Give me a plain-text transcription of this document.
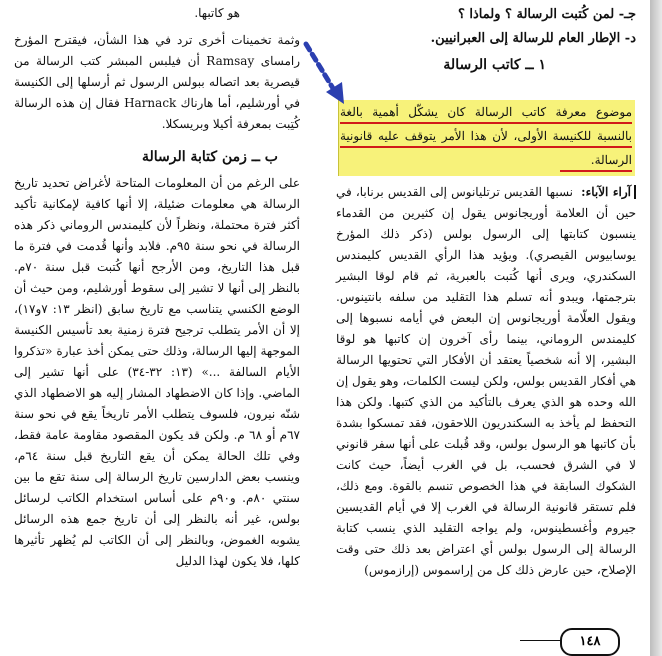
هو كاتبها.

وثمة تخمينات أخرى ترد في هذا الشأن، فيقترح المؤرخ رامساى Ramsay أن فيلبس المبشر كتب الرسالة من قيصرية بعد اتصاله ببولس الرسول ثم أرسلها إلى الكنيسة في أورشليم، أما هارناك Harnack فقال إن هذه الرسالة كُتِبت بمعرفة أكيلا وبريسكلا.

ب ــ زمن كتابة الرسالة

على الرغم من أن المعلومات المتاحة لأغراض تحديد تاريخ الرسالة هي معلومات ضئيلة، إلا أنها كافية لإمكانية تأكيد أكثر فترة محتملة، ونظراً لأن كليمندس الروماني ذكر هذه الرسالة في نحو سنة ٩٥م. فلابد وأنها قُدمت في فترة ما قبل هذا التاريخ، ومن الأرجح أنها كُتبت قبل سنة ٧٠م. بالنظر إلى أنها لا تشير إلى سقوط أورشليم، ومن حيث أن الوضع الكنسي يتناسب مع تاريخ سابق (انظر ١٣: ٧و١٧)، إلا أن الأمر يتطلب ترجيح فترة زمنية بعد تأسيس الكنيسة الموجهة إليها الرسالة، وذلك حتى يمكن أخذ عبارة «تذكروا الأيام السالفة ...» (١٣: ٣٢-٣٤) على أنها تشير إلى الماضي. وإذا كان الاضطهاد المشار إليه هو الاضطهاد الذي شنّه نيرون، فلسوف يتطلب الأمر تاريخاً يقع في نحو سنة ٦٧م أو ٦٨ م. ولكن قد يكون المقصود مقاومة عامة فقط، وفي تلك الحالة يمكن أن يقع التاريخ قبل سنة ٦٤م، وينسب بعض الدارسين تاريخ الرسالة إلى سنة تقع ما بين سنتي ٨٠م. و٩٠م على أساس استخدام الكاتب لرسائل بولس، غير أنه بالنظر إلى أن تاريخ جمع هذه الرسائل يشوبه الغموض، وبالنظر إلى أن الكاتب لم يُظهر تأثيرها كلها، فلا يكون لهذا الدليل

جـ- لمن كُتبت الرسالة ؟ ولماذا ؟
د- الإطار العام للرسالة إلى العبرانيين.
١ ــ كاتب الرسالة
موضوع معرفة كاتب الرسالة كان يشكّل أهمية بالغة بالنسبة للكنيسة الأولى، لأن هذا الأمر يتوقف عليه قانونية الرسالة.

آراء الآباء: نسبها القديس ترتليانوس إلى القديس برنابا، في حين أن العلامة أوريجانوس يقول إن كثيرين من القدماء ينسبون كتابتها إلى الرسول بولس (ذكر ذلك المؤرخ يوسابيوس القيصري). ويؤيد هذا الرأي القديس كليمندس السكندري، ويرى أنها كُتبت بالعبرية، ثم قام لوقا البشير بترجمتها، ويبدو أنه تسلم هذا التقليد من سلفه بانتينوس. ويقول العلّامة أوريجانوس إن البعض في أيامه نسبوها إلى كليمندس الروماني، بينما رأى آخرون إن كاتبها هو لوقا البشير، إلا أنه شخصياً يعتقد أن الأفكار التي تحتويها الرسالة هي أفكار القديس بولس، ولكن ليست الكلمات، وهو يقول إن الله وحده هو الذي يعرف بالتأكيد من الذي كتبها. ولكن هذا التحفظ لم يأخذ به السكندريون اللاحقون، فقد تمسكوا بشدة بأن كاتبها هو الرسول بولس، وقد قُبلت على أنها سفر قانوني لا في الشرق فحسب، بل في الغرب أيضاً، حيث كانت الشكوك السابقة في هذا الخصوص تنسم بالقوة. ومع ذلك، فلم تستقر قانونية الرسالة في الغرب إلا في أيام القديسين جيروم وأغسطينوس، ولم يواجه التقليد الذي ينسب كتابة الرسالة إلى الرسول بولس أي اعتراض بعد ذلك حتى وقت الإصلاح، حين عارض ذلك كل من إراسموس (إرازموس)

١٤٨
